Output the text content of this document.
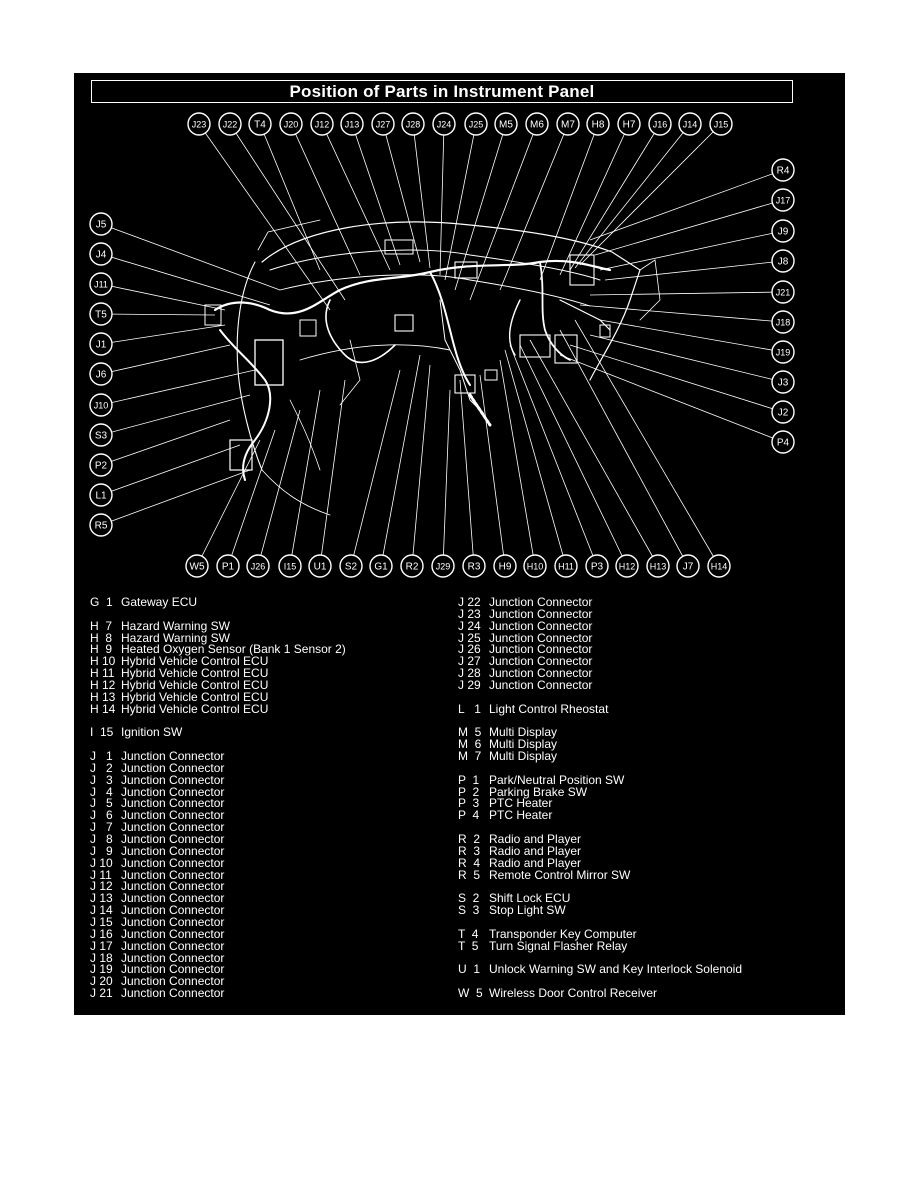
Position of Parts in Instrument Panel
J23 J22 T4 J20 J12 J13 J27 J28 J24 J25 M5 M6 M7 H8 H7 J16 J14 J15
J5
J4
J11
T5
J1
J6
J10
S3
P2
L1
R5
R4
J17
J9
J8
J21
J18
J19
J3
J2
P4
W5 P1 J26 I15 U1 S2 G1 R2 J29 R3 H9 H10 H11 P3 H12 H13 J7 H14
G  1 Gateway ECU
H  7 Hazard Warning SW
H  8 Hazard Warning SW
H  9 Heated Oxygen Sensor (Bank 1 Sensor 2)
H 10 Hybrid Vehicle Control ECU
H 11 Hybrid Vehicle Control ECU
H 12 Hybrid Vehicle Control ECU
H 13 Hybrid Vehicle Control ECU
H 14 Hybrid Vehicle Control ECU
I  15 Ignition SW
J   1 Junction Connector
J   2 Junction Connector
J   3 Junction Connector
J   4 Junction Connector
J   5 Junction Connector
J   6 Junction Connector
J   7 Junction Connector
J   8 Junction Connector
J   9 Junction Connector
J 10 Junction Connector
J 11 Junction Connector
J 12 Junction Connector
J 13 Junction Connector
J 14 Junction Connector
J 15 Junction Connector
J 16 Junction Connector
J 17 Junction Connector
J 18 Junction Connector
J 19 Junction Connector
J 20 Junction Connector
J 21 Junction Connector
J 22 Junction Connector
J 23 Junction Connector
J 24 Junction Connector
J 25 Junction Connector
J 26 Junction Connector
J 27 Junction Connector
J 28 Junction Connector
J 29 Junction Connector
L   1 Light Control Rheostat
M  5 Multi Display
M  6 Multi Display
M  7 Multi Display
P  1 Park/Neutral Position SW
P  2 Parking Brake SW
P  3 PTC Heater
P  4 PTC Heater
R  2 Radio and Player
R  3 Radio and Player
R  4 Radio and Player
R  5 Remote Control Mirror SW
S  2 Shift Lock ECU
S  3 Stop Light SW
T  4 Transponder Key Computer
T  5 Turn Signal Flasher Relay
U  1 Unlock Warning SW and Key Interlock Solenoid
W  5 Wireless Door Control Receiver
